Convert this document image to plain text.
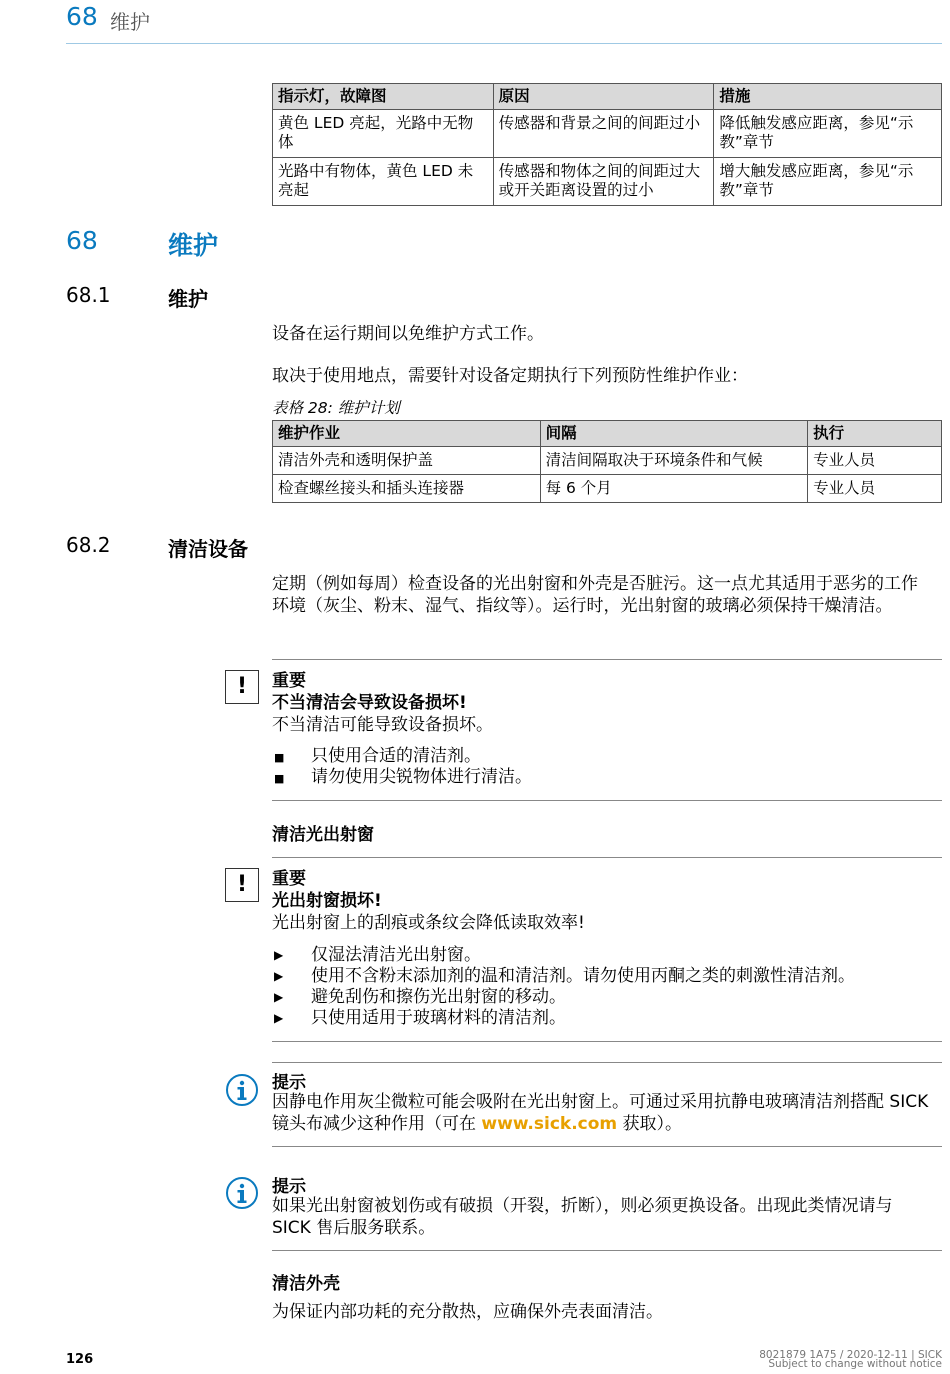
68 维护
指示灯，故障图	原因	措施
黄色 LED 亮起，光路中无物体	传感器和背景之间的间距过小	降低触发感应距离，参见“示教”章节
光路中有物体，黄色 LED 未亮起	传感器和物体之间的间距过大或开关距离设置的过小	增大触发感应距离，参见“示教”章节
68	维护
68.1	维护
设备在运行期间以免维护方式工作。
取决于使用地点，需要针对设备定期执行下列预防性维护作业：
表格 28: 维护计划
维护作业	间隔	执行
清洁外壳和透明保护盖	清洁间隔取决于环境条件和气候	专业人员
检查螺丝接头和插头连接器	每 6 个月	专业人员
68.2	清洁设备
定期（例如每周）检查设备的光出射窗和外壳是否脏污。这一点尤其适用于恶劣的工作环境（灰尘、粉末、湿气、指纹等）。运行时，光出射窗的玻璃必须保持干燥清洁。
!	重要
不当清洁会导致设备损坏!
不当清洁可能导致设备损坏。
■ 只使用合适的清洁剂。
■ 请勿使用尖锐物体进行清洁。
清洁光出射窗
!	重要
光出射窗损坏!
光出射窗上的刮痕或条纹会降低读取效率!
▶ 仅湿法清洁光出射窗。
▶ 使用不含粉末添加剂的温和清洁剂。请勿使用丙酮之类的刺激性清洁剂。
▶ 避免刮伤和擦伤光出射窗的移动。
▶ 只使用适用于玻璃材料的清洁剂。
提示
因静电作用灰尘微粒可能会吸附在光出射窗上。可通过采用抗静电玻璃清洁剂搭配 SICK 镜头布减少这种作用（可在 www.sick.com 获取）。
提示
如果光出射窗被划伤或有破损（开裂，折断），则必须更换设备。出现此类情况请与 SICK 售后服务联系。
清洁外壳
为保证内部功耗的充分散热，应确保外壳表面清洁。
126	8021879 1A75 / 2020-12-11 | SICK
Subject to change without notice
